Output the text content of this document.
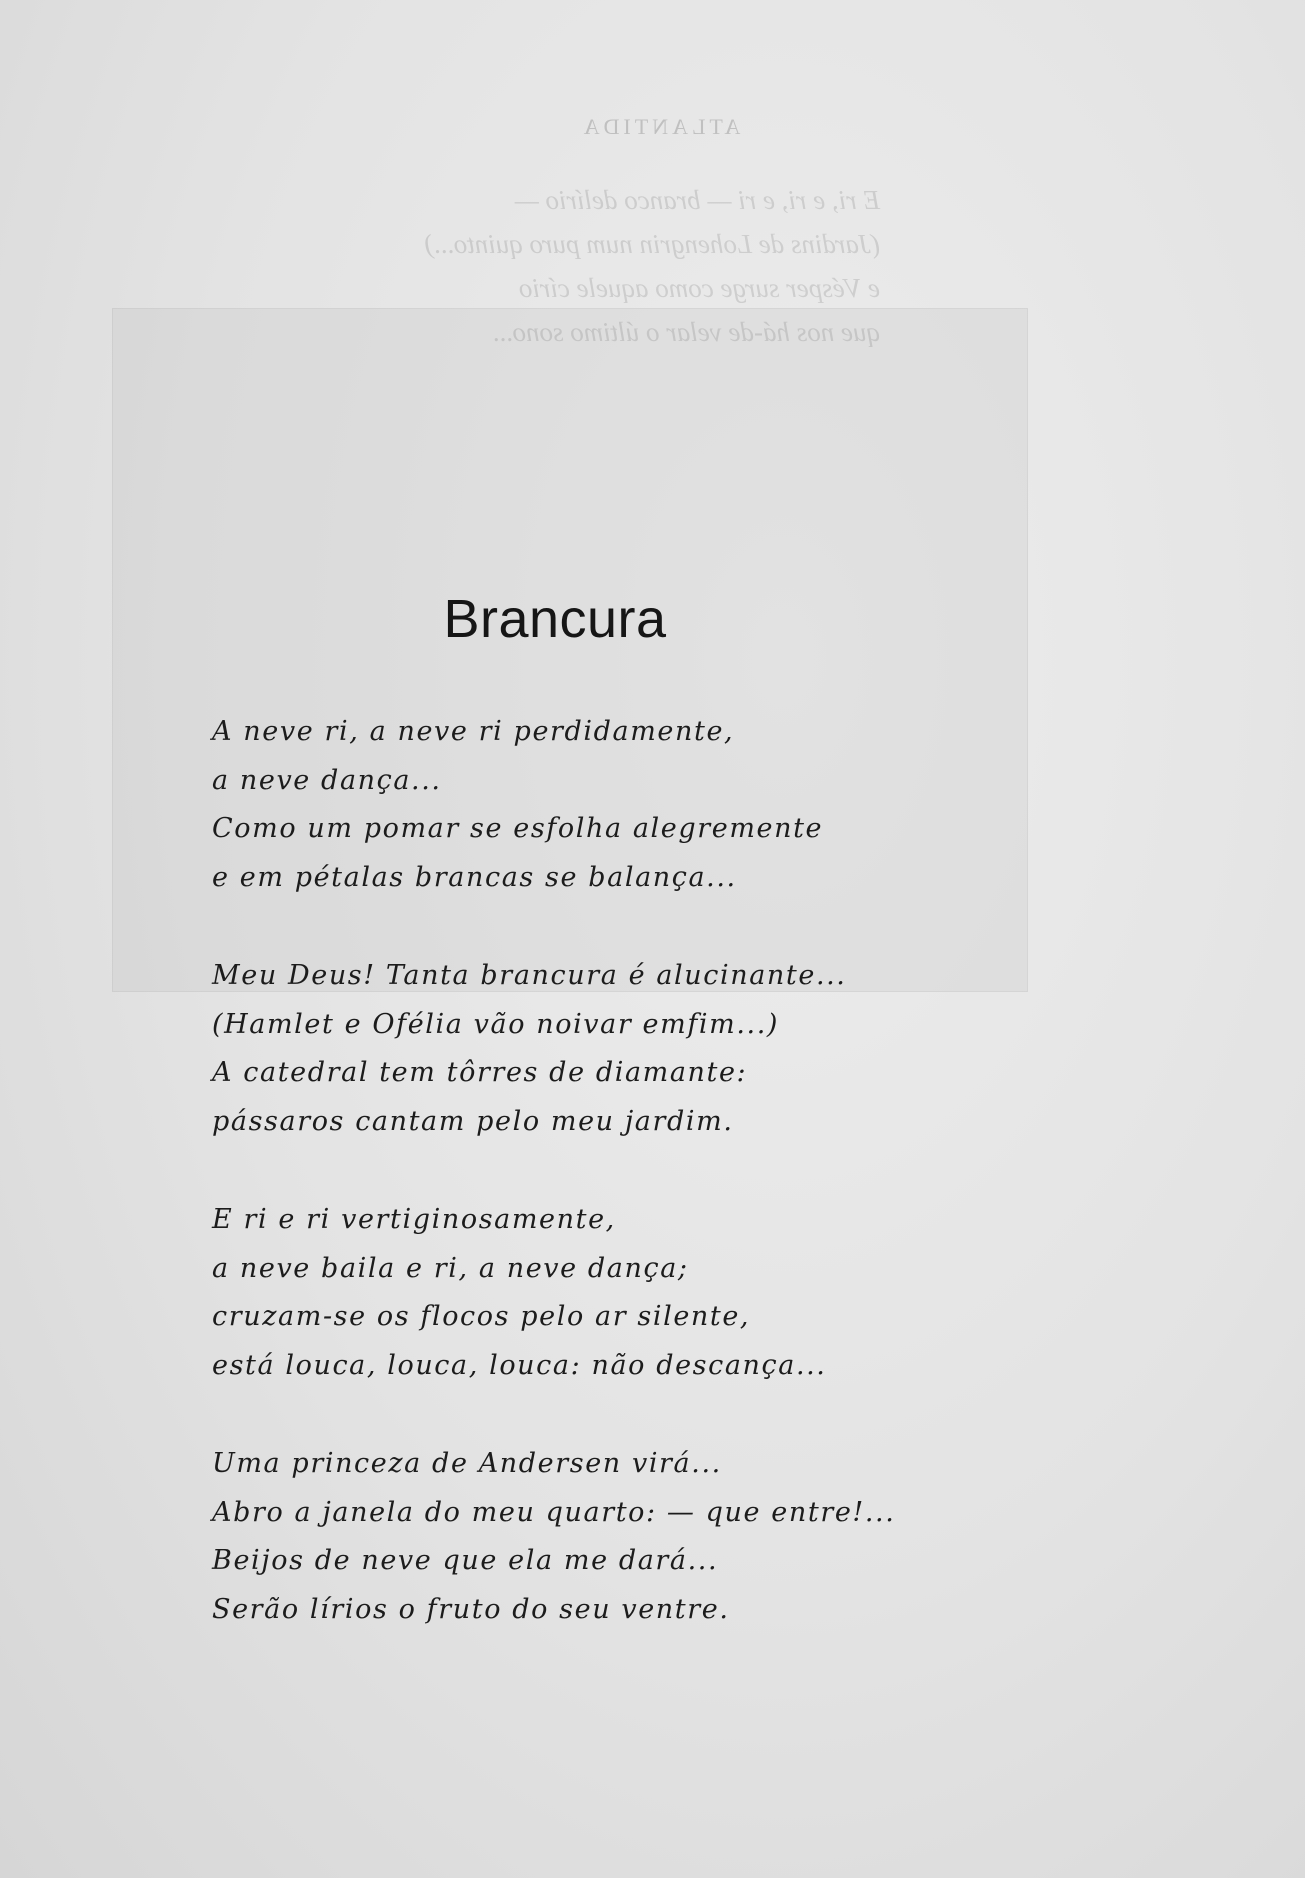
ATLANTIDA
E ri, e ri, e ri — branco delírio —
(Jardins de Lohengrin num puro quinto...)
e Vésper surge como aquele círio
que nos há-de velar o último sono...
Brancura
A neve ri, a neve ri perdidamente,
a neve dança...
Como um pomar se esfolha alegremente
e em pétalas brancas se balança...
Meu Deus! Tanta brancura é alucinante...
(Hamlet e Ofélia vão noivar emfim...)
A catedral tem tôrres de diamante:
pássaros cantam pelo meu jardim.
E ri e ri vertiginosamente,
a neve baila e ri, a neve dança;
cruzam-se os flocos pelo ar silente,
está louca, louca, louca: não descança...
Uma princeza de Andersen virá...
Abro a janela do meu quarto: — que entre!...
Beijos de neve que ela me dará...
Serão lírios o fruto do seu ventre.
